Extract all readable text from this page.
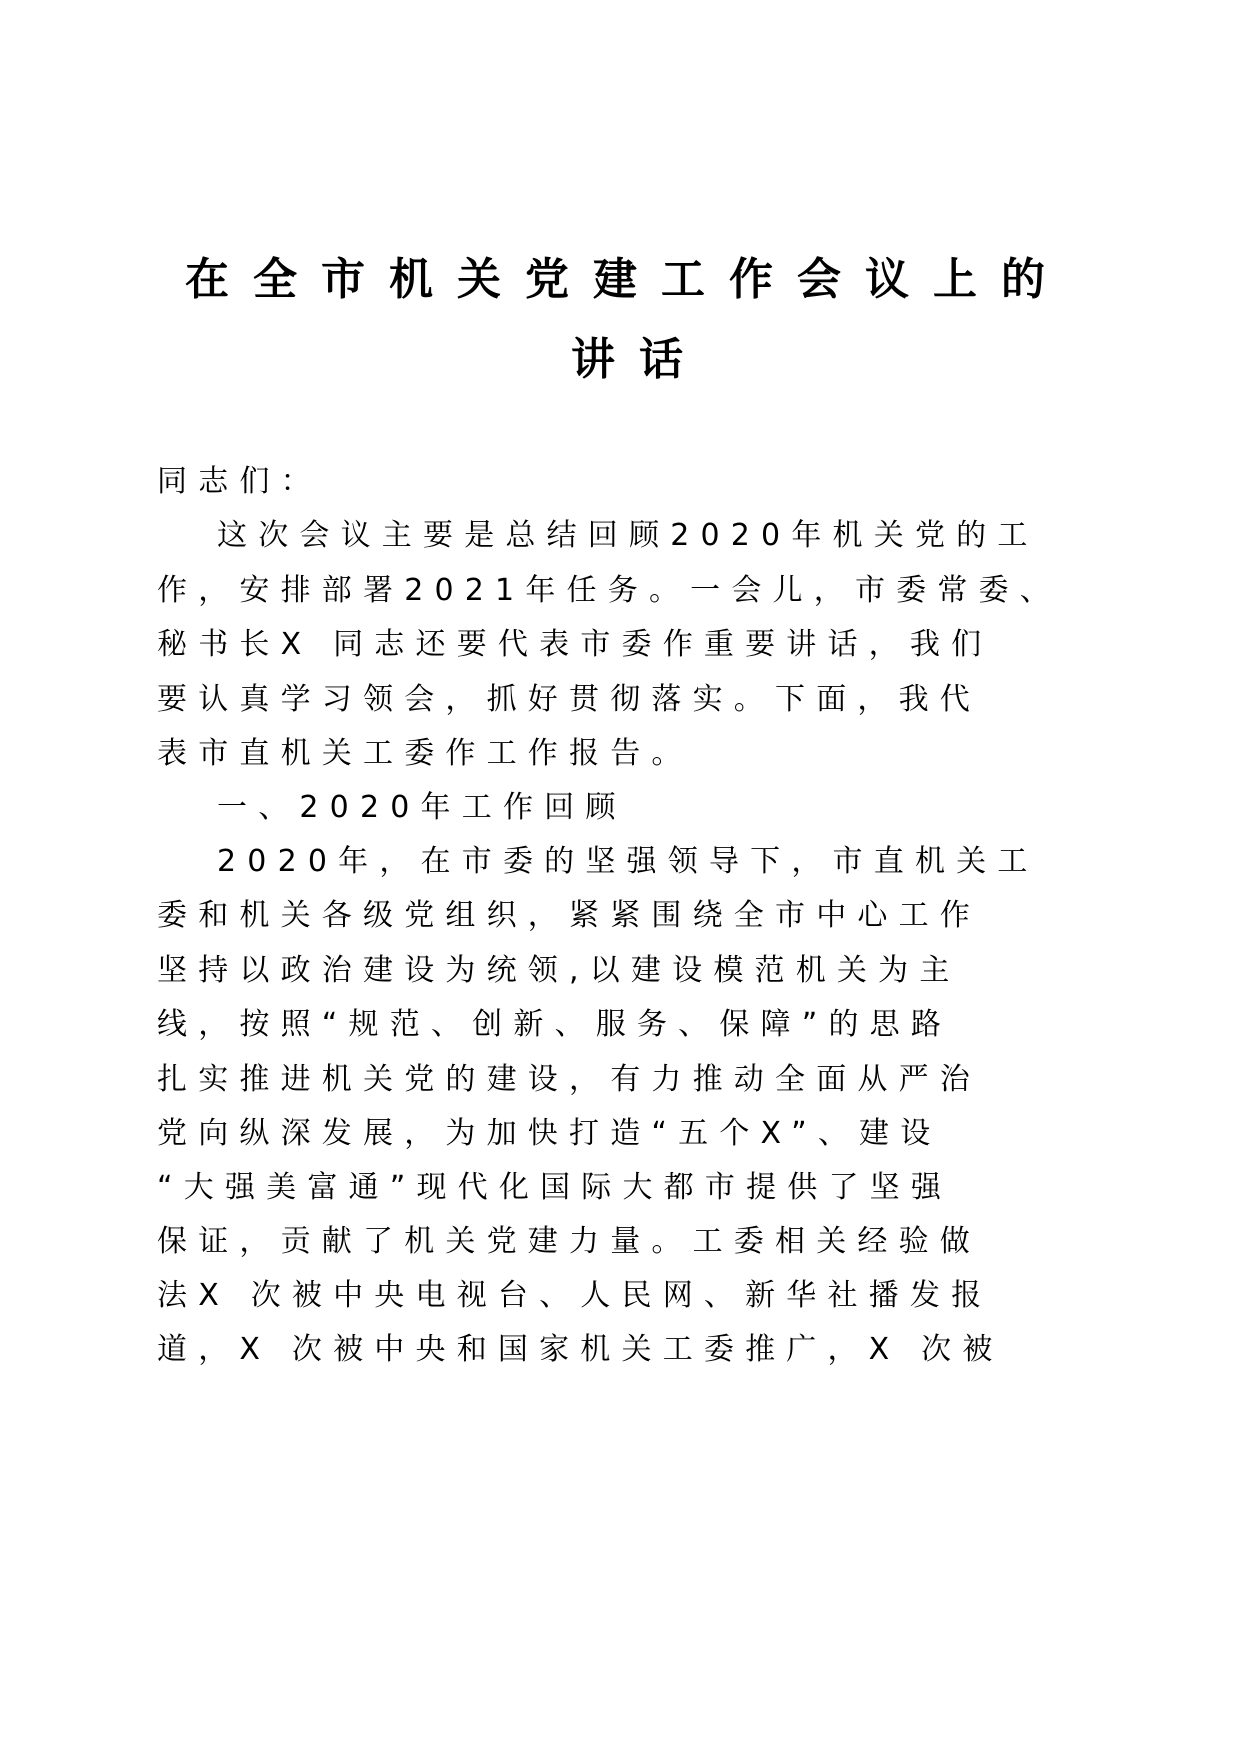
在全市机关党建工作会议上的
讲话
同志们：
这次会议主要是总结回顾2020年机关党的工
作，安排部署2021年任务。一会儿，市委常委、
秘书长X 同志还要代表市委作重要讲话，我们
要认真学习领会，抓好贯彻落实。下面，我代
表市直机关工委作工作报告。
一、2020年工作回顾
2020年，在市委的坚强领导下，市直机关工
委和机关各级党组织，紧紧围绕全市中心工作
坚持以政治建设为统领,以建设模范机关为主
线，按照“规范、创新、服务、保障”的思路
扎实推进机关党的建设，有力推动全面从严治
党向纵深发展，为加快打造“五个X”、建设
“大强美富通”现代化国际大都市提供了坚强
保证，贡献了机关党建力量。工委相关经验做
法X 次被中央电视台、人民网、新华社播发报
道，X 次被中央和国家机关工委推广，X 次被
